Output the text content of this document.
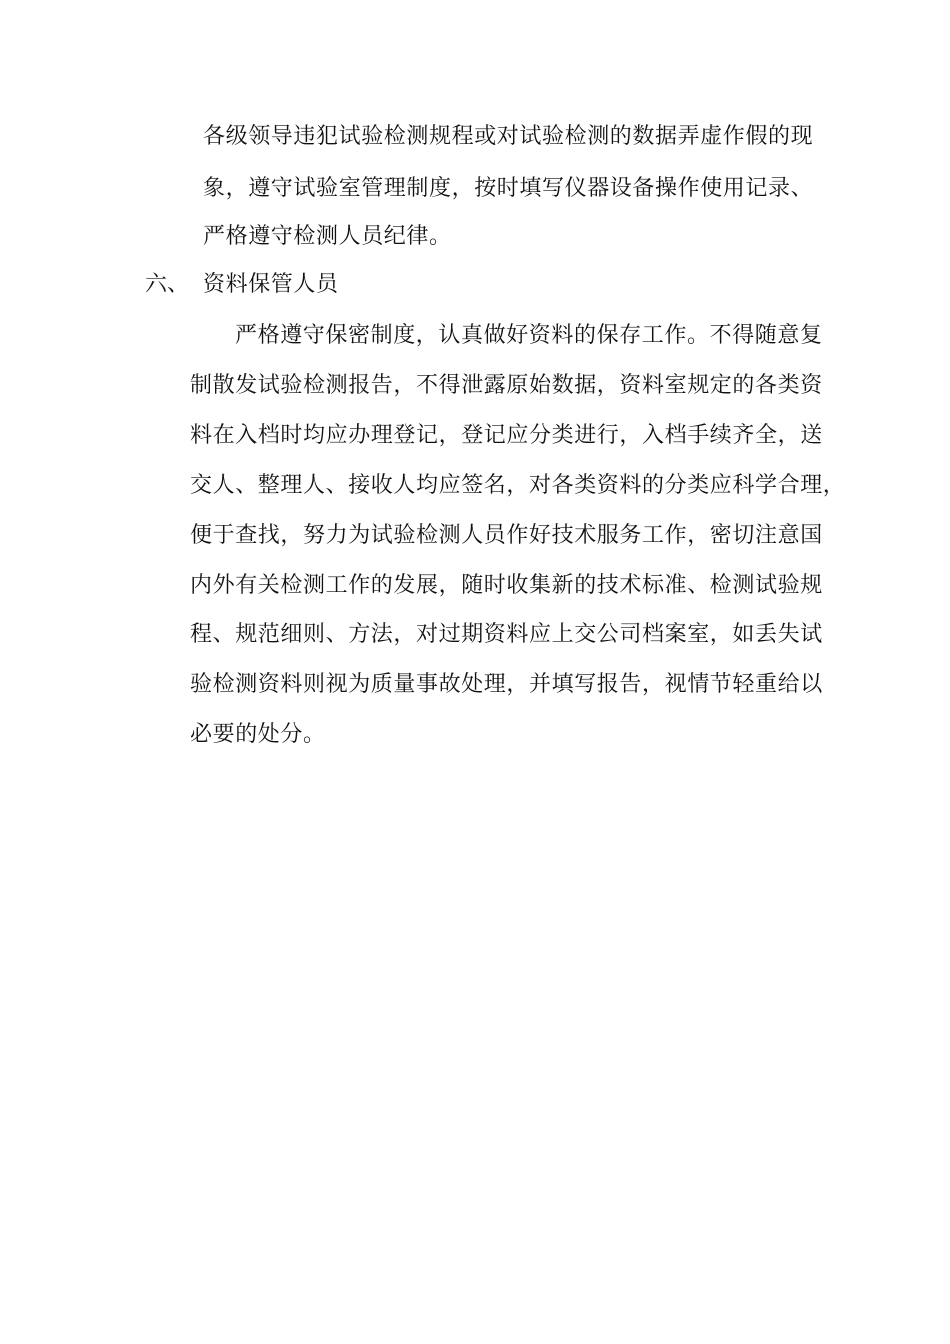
各级领导违犯试验检测规程或对试验检测的数据弄虚作假的现
象，遵守试验室管理制度，按时填写仪器设备操作使用记录、
严格遵守检测人员纪律。
六、 资料保管人员
严格遵守保密制度，认真做好资料的保存工作。不得随意复
制散发试验检测报告，不得泄露原始数据，资料室规定的各类资
料在入档时均应办理登记，登记应分类进行，入档手续齐全，送
交人、整理人、接收人均应签名，对各类资料的分类应科学合理，
便于查找，努力为试验检测人员作好技术服务工作，密切注意国
内外有关检测工作的发展，随时收集新的技术标准、检测试验规
程、规范细则、方法，对过期资料应上交公司档案室，如丢失试
验检测资料则视为质量事故处理，并填写报告，视情节轻重给以
必要的处分。
